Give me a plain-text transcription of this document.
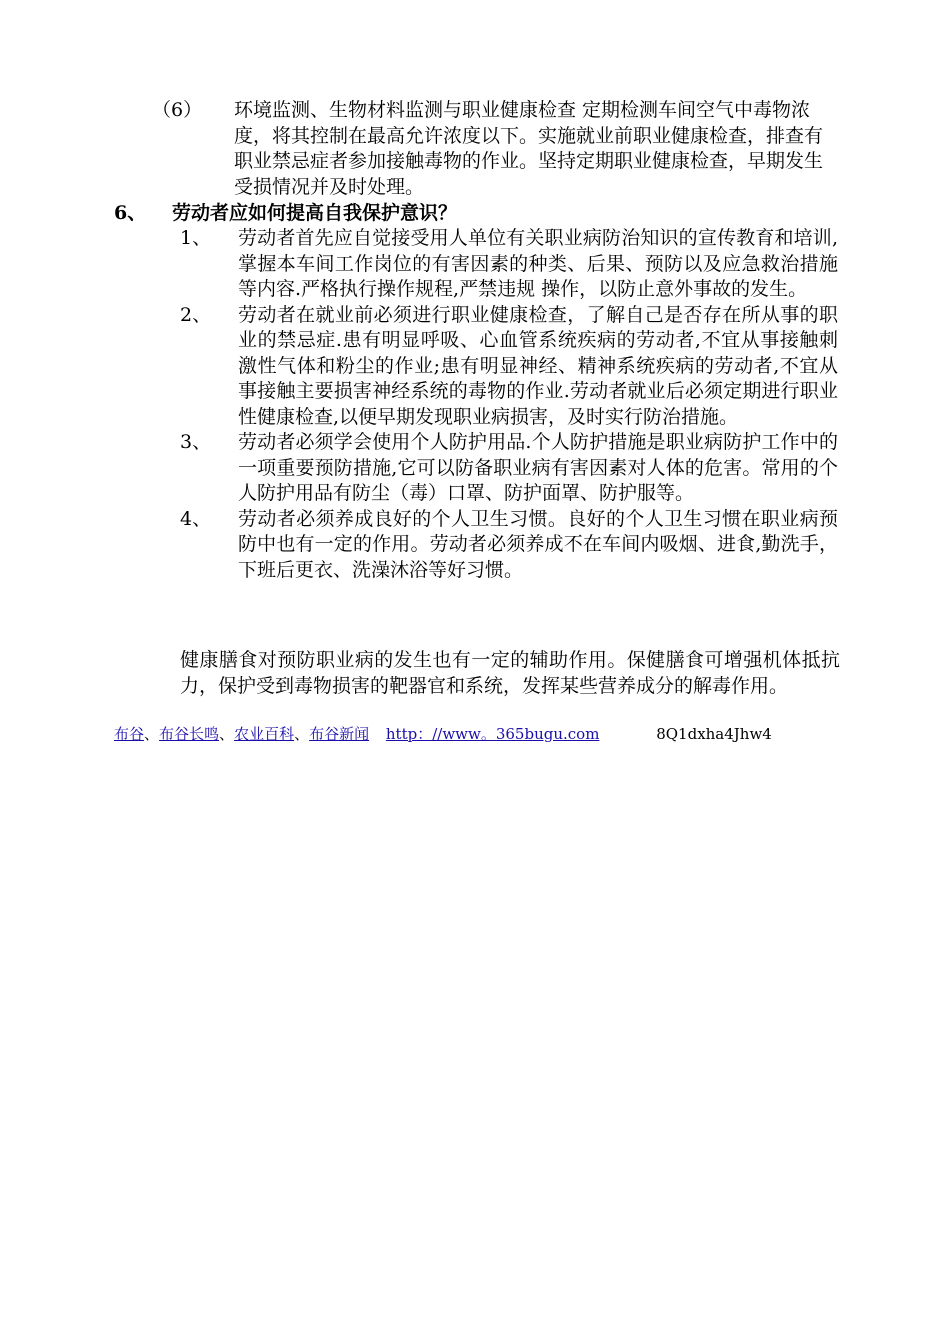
（6）	环境监测、生物材料监测与职业健康检查 定期检测车间空气中毒物浓度，将其控制在最高允许浓度以下。实施就业前职业健康检查，排查有职业禁忌症者参加接触毒物的作业。坚持定期职业健康检查，早期发生受损情况并及时处理。
6、 劳动者应如何提高自我保护意识？
1、	劳动者首先应自觉接受用人单位有关职业病防治知识的宣传教育和培训,掌握本车间工作岗位的有害因素的种类、后果、预防以及应急救治措施等内容.严格执行操作规程,严禁违规 操作，以防止意外事故的发生。
2、	劳动者在就业前必须进行职业健康检查，了解自己是否存在所从事的职业的禁忌症.患有明显呼吸、心血管系统疾病的劳动者,不宜从事接触刺激性气体和粉尘的作业;患有明显神经、精神系统疾病的劳动者,不宜从事接触主要损害神经系统的毒物的作业.劳动者就业后必须定期进行职业性健康检查,以便早期发现职业病损害，及时实行防治措施。
3、	劳动者必须学会使用个人防护用品.个人防护措施是职业病防护工作中的一项重要预防措施,它可以防备职业病有害因素对人体的危害。常用的个人防护用品有防尘（毒）口罩、防护面罩、防护服等。
4、	劳动者必须养成良好的个人卫生习惯。良好的个人卫生习惯在职业病预防中也有一定的作用。劳动者必须养成不在车间内吸烟、进食,勤洗手，下班后更衣、洗澡沐浴等好习惯。
健康膳食对预防职业病的发生也有一定的辅助作用。保健膳食可增强机体抵抗力，保护受到毒物损害的靶器官和系统，发挥某些营养成分的解毒作用。
布谷、布谷长鸣、农业百科、布谷新闻 http：//www。365bugu.com	8Q1dxha4Jhw4
